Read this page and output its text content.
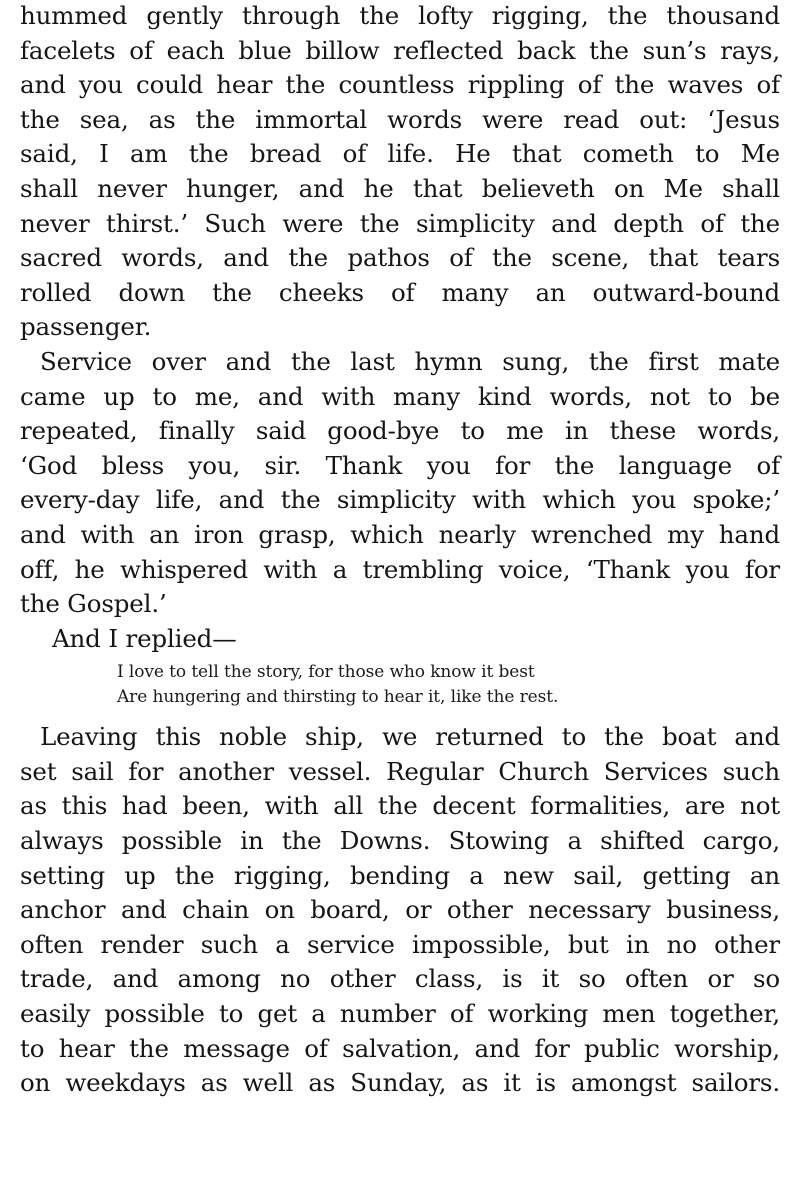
hummed gently through the lofty rigging, the thousand
facelets of each blue billow reflected back the sun’s rays,
and you could hear the countless rippling of the waves of
the sea, as the immortal words were read out: ‘Jesus
said, I am the bread of life. He that cometh to Me
shall never hunger, and he that believeth on Me shall
never thirst.’ Such were the simplicity and depth of the
sacred words, and the pathos of the scene, that tears
rolled down the cheeks of many an outward-bound
passenger.
Service over and the last hymn sung, the first mate
came up to me, and with many kind words, not to be
repeated, finally said good-bye to me in these words,
‘God bless you, sir. Thank you for the language of
every-day life, and the simplicity with which you spoke;’
and with an iron grasp, which nearly wrenched my hand
off, he whispered with a trembling voice, ‘Thank you for
the Gospel.’
And I replied—
I love to tell the story, for those who know it best
Are hungering and thirsting to hear it, like the rest.
Leaving this noble ship, we returned to the boat and
set sail for another vessel. Regular Church Services such
as this had been, with all the decent formalities, are not
always possible in the Downs. Stowing a shifted cargo,
setting up the rigging, bending a new sail, getting an
anchor and chain on board, or other necessary business,
often render such a service impossible, but in no other
trade, and among no other class, is it so often or so
easily possible to get a number of working men together,
to hear the message of salvation, and for public worship,
on weekdays as well as Sunday, as it is amongst sailors.
